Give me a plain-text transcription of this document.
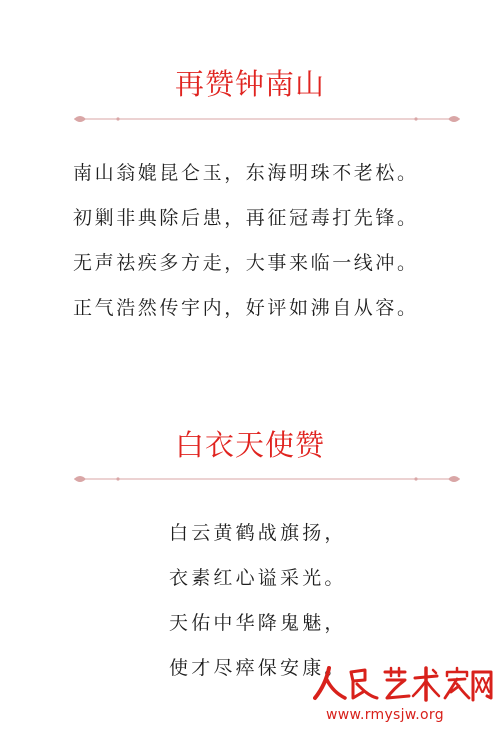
再赞钟南山
南山翁媲昆仑玉，东海明珠不老松。
初剿非典除后患，再征冠毒打先锋。
无声祛疾多方走，大事来临一线冲。
正气浩然传宇内，好评如沸自从容。
白衣天使赞
白云黄鹤战旗扬，
衣素红心谥采光。
天佑中华降鬼魅，
使才尽瘁保安康。
www.rmysjw.org
